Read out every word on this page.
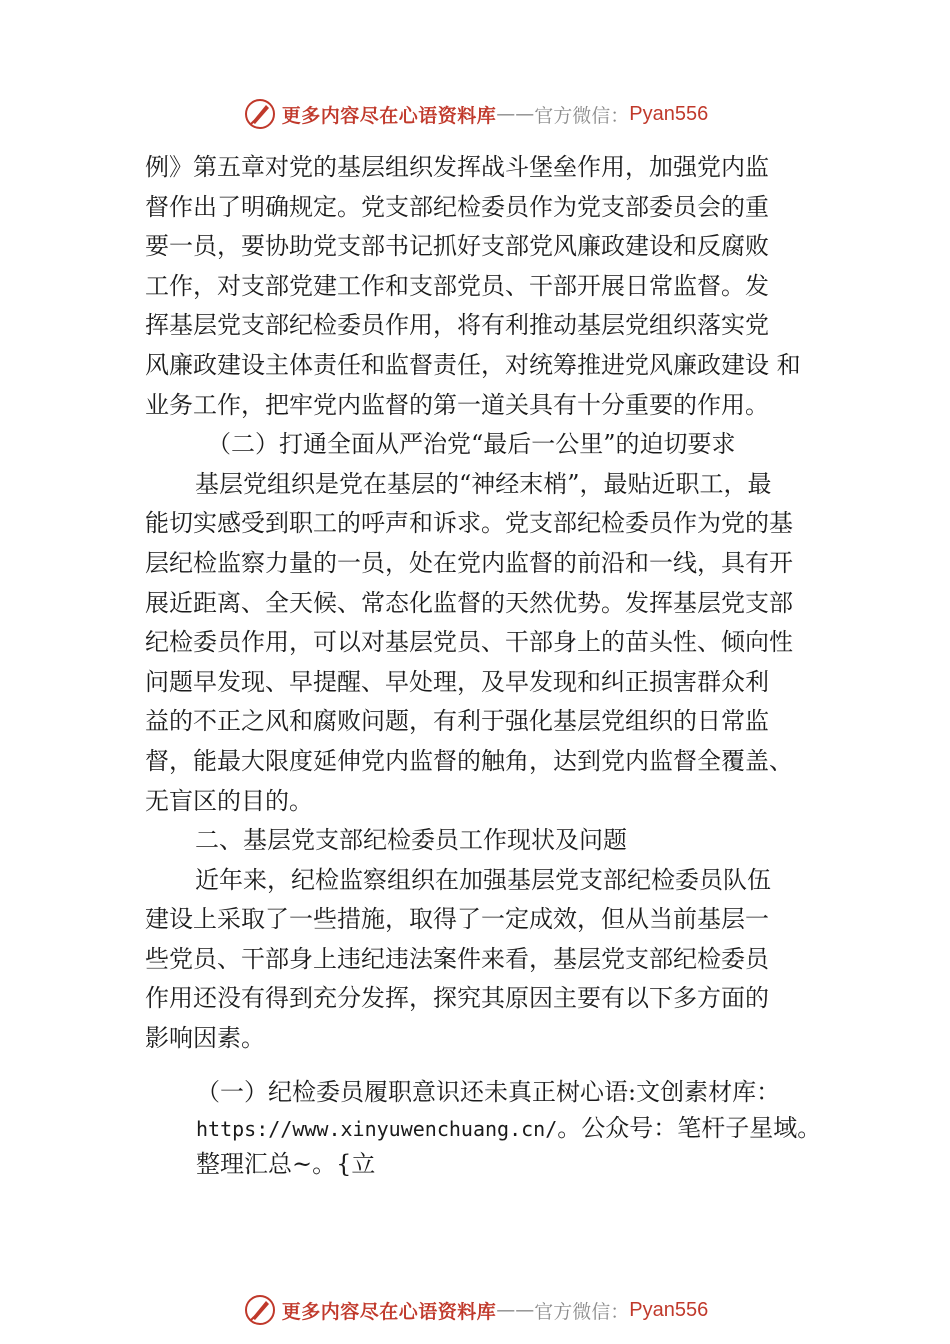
更多内容尽在心语资料库 —— 官方微信： Pyan556
例》第五章对党的基层组织发挥战斗堡垒作用，加强党内监
督作出了明确规定。党支部纪检委员作为党支部委员会的重
要一员，要协助党支部书记抓好支部党风廉政建设和反腐败
工作，对支部党建工作和支部党员、干部开展日常监督。发
挥基层党支部纪检委员作用，将有利推动基层党组织落实党
风廉政建设主体责任和监督责任，对统筹推进党风廉政建设 和
业务工作，把牢党内监督的第一道关具有十分重要的作用。
（二）打通全面从严治党“最后一公里”的迫切要求
基层党组织是党在基层的“神经末梢”，最贴近职工，最
能切实感受到职工的呼声和诉求。党支部纪检委员作为党的基
层纪检监察力量的一员，处在党内监督的前沿和一线，具有开
展近距离、全天候、常态化监督的天然优势。发挥基层党支部
纪检委员作用，可以对基层党员、干部身上的苗头性、倾向性
问题早发现、早提醒、早处理，及早发现和纠正损害群众利
益的不正之风和腐败问题，有利于强化基层党组织的日常监
督，能最大限度延伸党内监督的触角，达到党内监督全覆盖、
无盲区的目的。
二、基层党支部纪检委员工作现状及问题
近年来，纪检监察组织在加强基层党支部纪检委员队伍
建设上采取了一些措施，取得了一定成效，但从当前基层一
些党员、干部身上违纪违法案件来看，基层党支部纪检委员
作用还没有得到充分发挥，探究其原因主要有以下多方面的
影响因素。
（一）纪检委员履职意识还未真正树心语:文创素材库：
https://www.xinyuwenchuang.cn/。公众号：笔杆子星域。
整理汇总~。{立
更多内容尽在心语资料库 —— 官方微信： Pyan556
